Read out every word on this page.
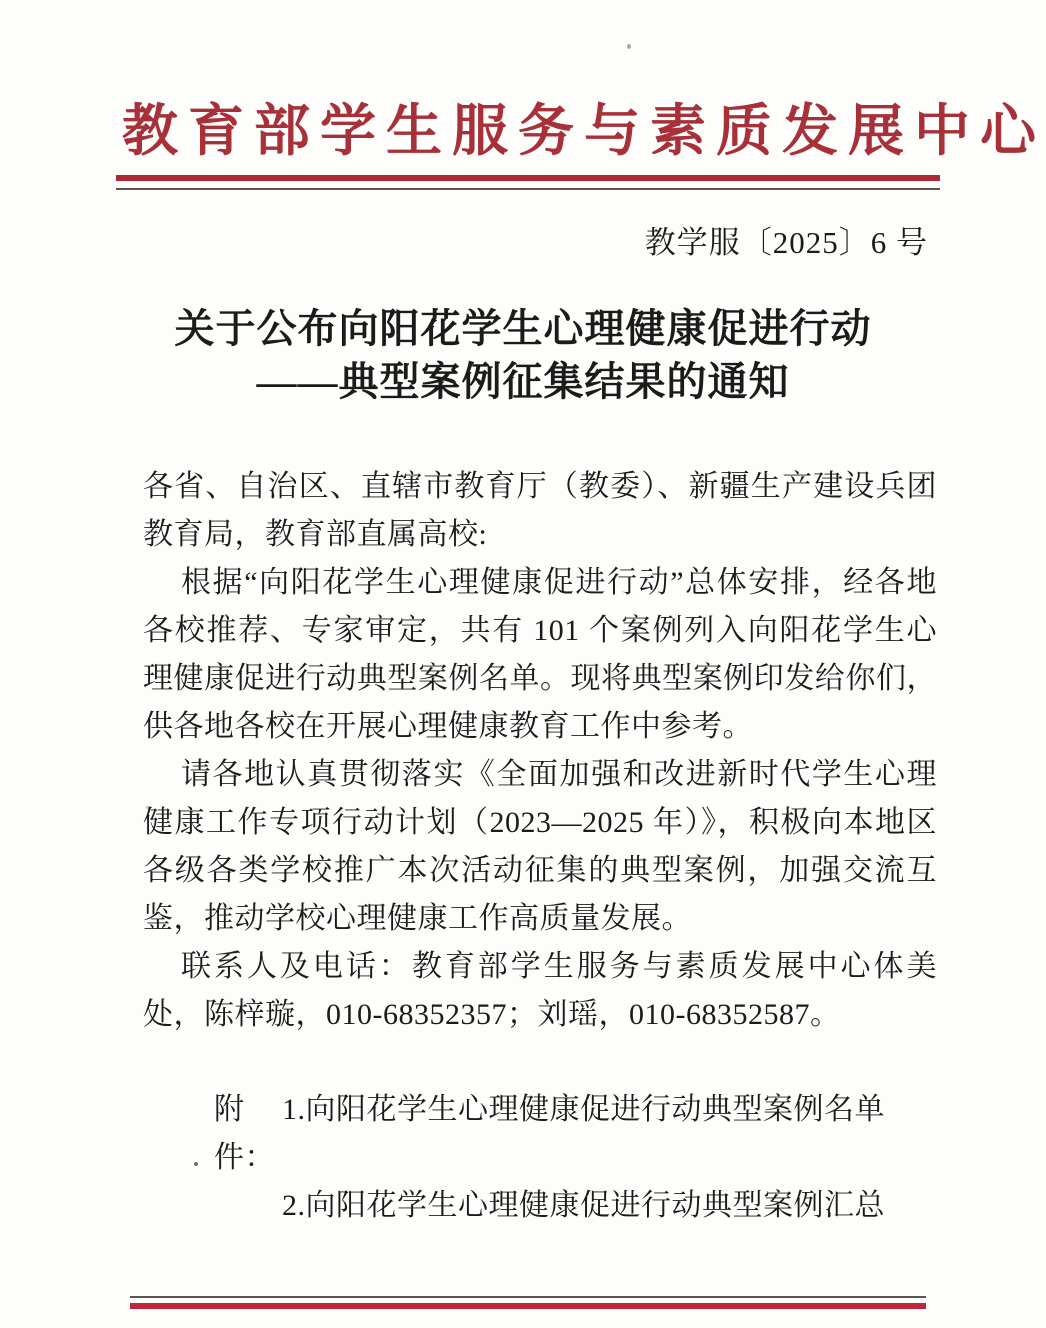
教育部学生服务与素质发展中心
教学服〔2025〕6 号
关于公布向阳花学生心理健康促进行动
——典型案例征集结果的通知

各省、自治区、直辖市教育厅（教委）、新疆生产建设兵团教育局，教育部直属高校:

根据“向阳花学生心理健康促进行动”总体安排，经各地各校推荐、专家审定，共有 101 个案例列入向阳花学生心理健康促进行动典型案例名单。现将典型案例印发给你们，供各地各校在开展心理健康教育工作中参考。

请各地认真贯彻落实《全面加强和改进新时代学生心理健康工作专项行动计划（2023—2025 年）》，积极向本地区各级各类学校推广本次活动征集的典型案例，加强交流互鉴，推动学校心理健康工作高质量发展。

联系人及电话：教育部学生服务与素质发展中心体美处，陈梓璇，010-68352357；刘瑶，010-68352587。

附件：
1.向阳花学生心理健康促进行动典型案例名单
2.向阳花学生心理健康促进行动典型案例汇总
